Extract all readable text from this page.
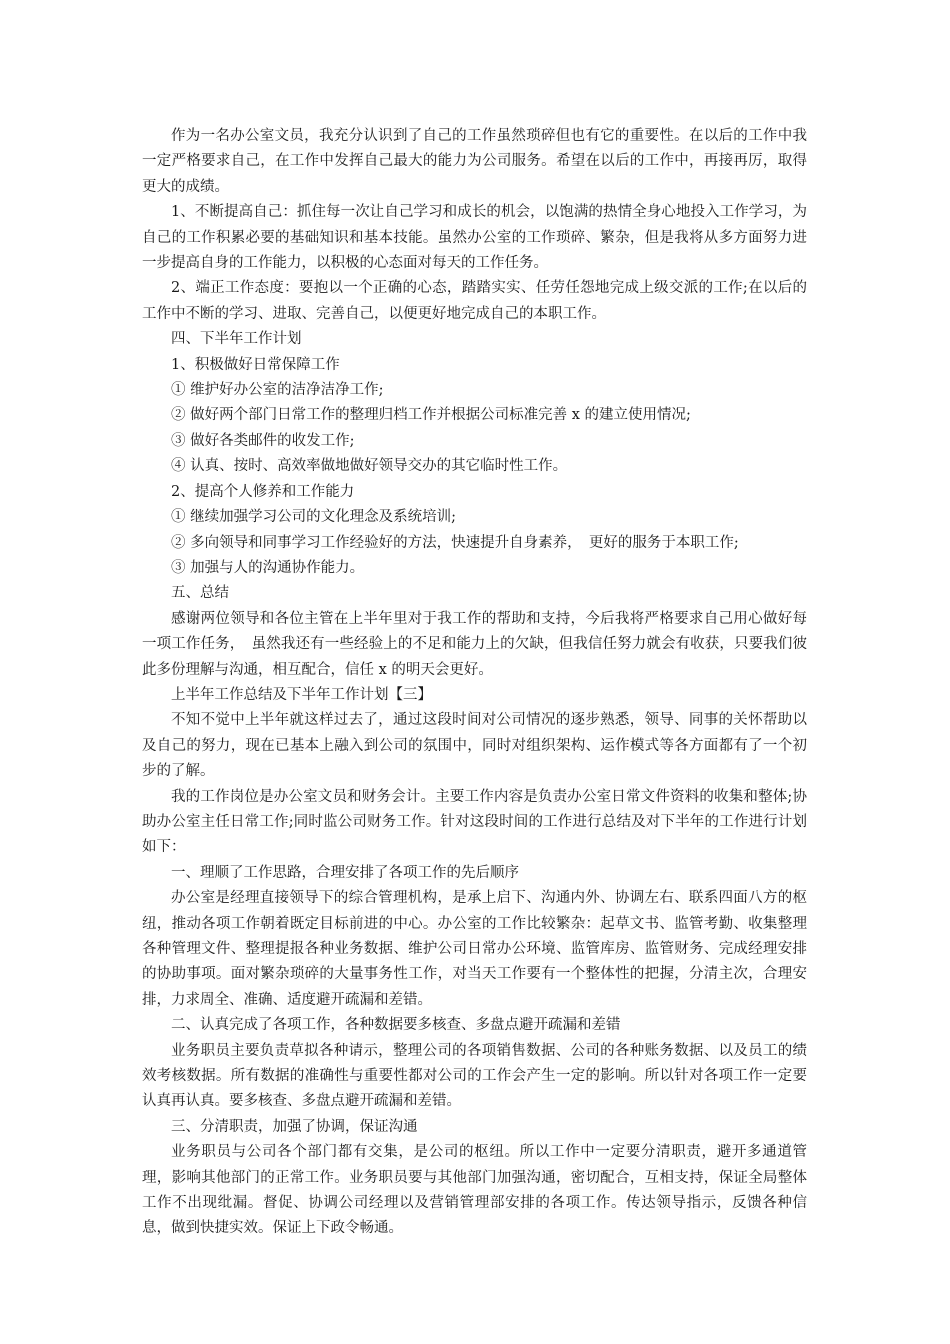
作为一名办公室文员，我充分认识到了自己的工作虽然琐碎但也有它的重要性。在以后的工作中我一定严格要求自己，在工作中发挥自己最大的能力为公司服务。希望在以后的工作中，再接再厉，取得更大的成绩。

1、不断提高自己：抓住每一次让自己学习和成长的机会，以饱满的热情全身心地投入工作学习，为自己的工作积累必要的基础知识和基本技能。虽然办公室的工作琐碎、繁杂，但是我将从多方面努力进一步提高自身的工作能力，以积极的心态面对每天的工作任务。

2、端正工作态度：要抱以一个正确的心态，踏踏实实、任劳任怨地完成上级交派的工作;在以后的工作中不断的学习、进取、完善自己，以便更好地完成自己的本职工作。

四、下半年工作计划

1、积极做好日常保障工作

① 维护好办公室的洁净洁净工作;

② 做好两个部门日常工作的整理归档工作并根据公司标准完善 x 的建立使用情况;

③ 做好各类邮件的收发工作;

④ 认真、按时、高效率做地做好领导交办的其它临时性工作。

2、提高个人修养和工作能力

① 继续加强学习公司的文化理念及系统培训;

② 多向领导和同事学习工作经验好的方法，快速提升自身素养，　更好的服务于本职工作;

③ 加强与人的沟通协作能力。

五、总结

感谢两位领导和各位主管在上半年里对于我工作的帮助和支持，今后我将严格要求自己用心做好每一项工作任务，　虽然我还有一些经验上的不足和能力上的欠缺，但我信任努力就会有收获，只要我们彼此多份理解与沟通，相互配合，信任 x 的明天会更好。

上半年工作总结及下半年工作计划【三】

不知不觉中上半年就这样过去了，通过这段时间对公司情况的逐步熟悉，领导、同事的关怀帮助以及自己的努力，现在已基本上融入到公司的氛围中，同时对组织架构、运作模式等各方面都有了一个初步的了解。

我的工作岗位是办公室文员和财务会计。主要工作内容是负责办公室日常文件资料的收集和整体;协助办公室主任日常工作;同时监公司财务工作。针对这段时间的工作进行总结及对下半年的工作进行计划如下：

一、理顺了工作思路，合理安排了各项工作的先后顺序

办公室是经理直接领导下的综合管理机构，是承上启下、沟通内外、协调左右、联系四面八方的枢纽，推动各项工作朝着既定目标前进的中心。办公室的工作比较繁杂：起草文书、监管考勤、收集整理各种管理文件、整理提报各种业务数据、维护公司日常办公环境、监管库房、监管财务、完成经理安排的协助事项。面对繁杂琐碎的大量事务性工作，对当天工作要有一个整体性的把握，分清主次，合理安排，力求周全、准确、适度避开疏漏和差错。

二、认真完成了各项工作，各种数据要多核查、多盘点避开疏漏和差错

业务职员主要负责草拟各种请示，整理公司的各项销售数据、公司的各种账务数据、以及员工的绩效考核数据。所有数据的准确性与重要性都对公司的工作会产生一定的影响。所以针对各项工作一定要认真再认真。要多核查、多盘点避开疏漏和差错。

三、分清职责，加强了协调，保证沟通

业务职员与公司各个部门都有交集，是公司的枢纽。所以工作中一定要分清职责，避开多通道管理，影响其他部门的正常工作。业务职员要与其他部门加强沟通，密切配合，互相支持，保证全局整体工作不出现纰漏。督促、协调公司经理以及营销管理部安排的各项工作。传达领导指示，反馈各种信息，做到快捷实效。保证上下政令畅通。
